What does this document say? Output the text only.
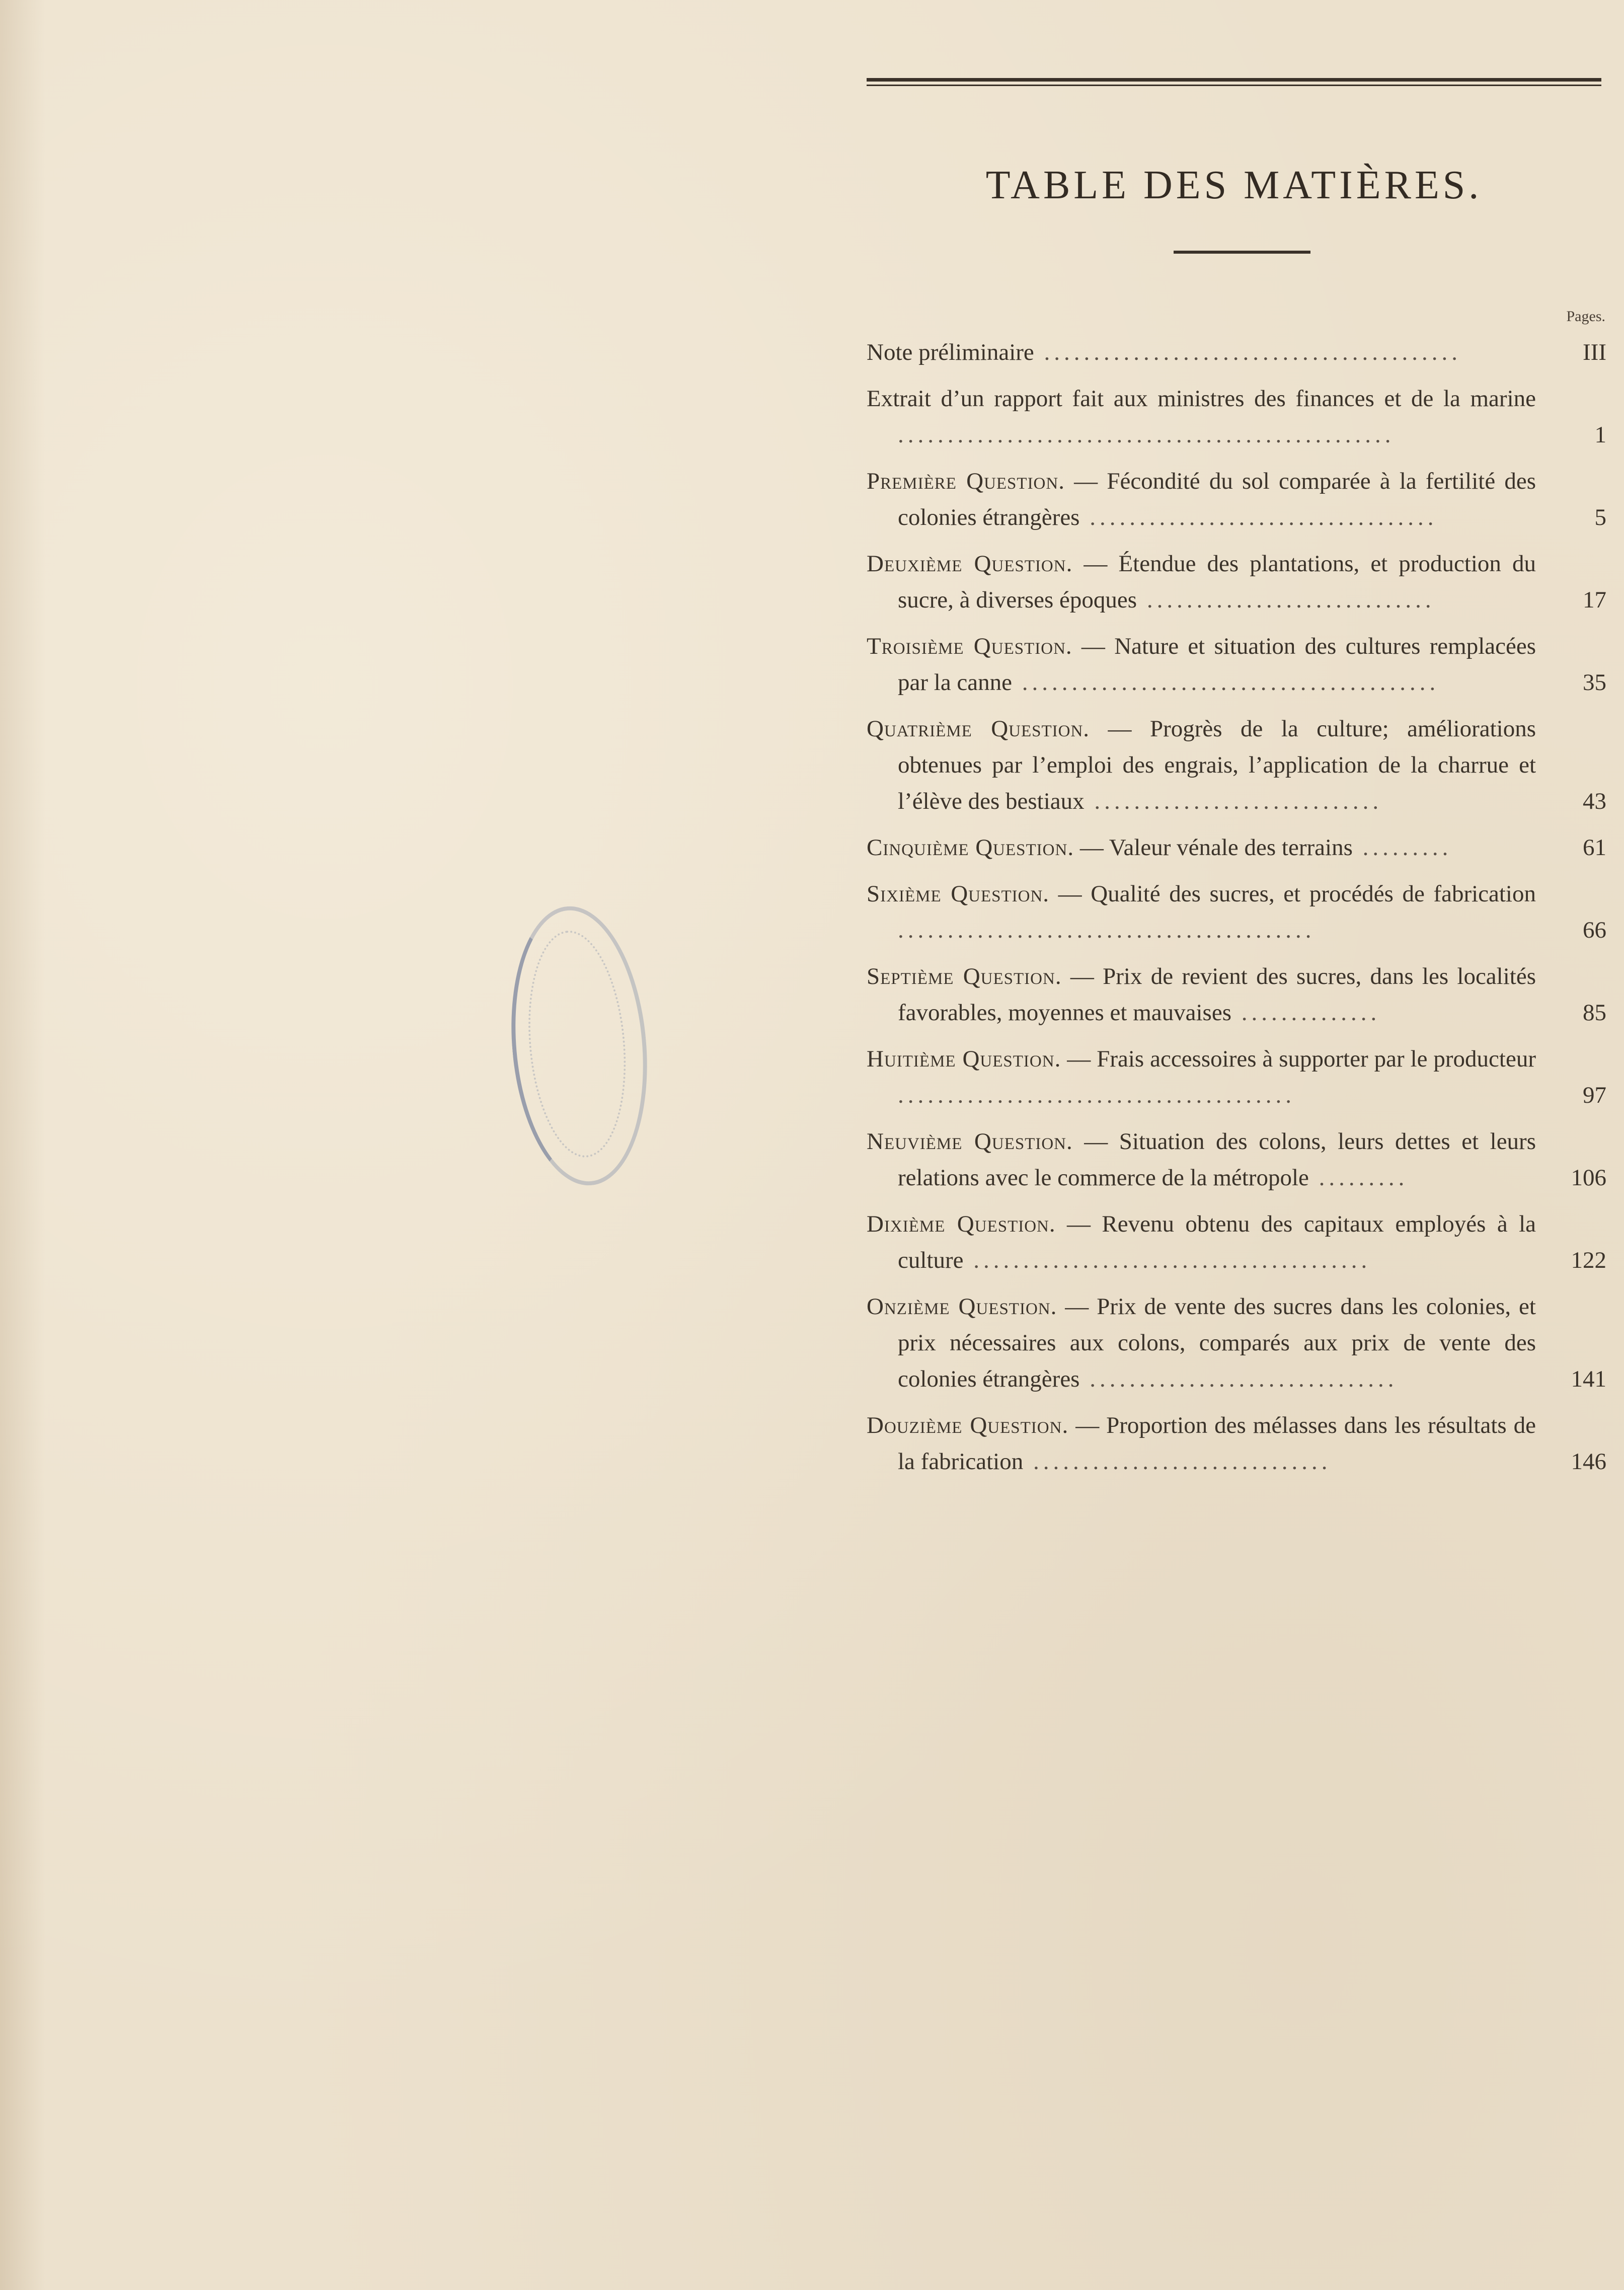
TABLE DES MATIÈRES.
Pages.
Note préliminaire ..........................................	III
Extrait d’un rapport fait aux ministres des finances et de la marine ..................................................	1
Première Question. — Fécondité du sol comparée à la fertilité des colonies étrangères ...................................	5
Deuxième Question. — Étendue des plantations, et production du sucre, à diverses époques .............................	17
Troisième Question. — Nature et situation des cultures remplacées par la canne ..........................................	35
Quatrième Question. — Progrès de la culture; améliorations obtenues par l’emploi des engrais, l’application de la charrue et l’élève des bestiaux .............................	43
Cinquième Question. — Valeur vénale des terrains .........	61
Sixième Question. — Qualité des sucres, et procédés de fabrication ..........................................	66
Septième Question. — Prix de revient des sucres, dans les localités favorables, moyennes et mauvaises ..............	85
Huitième Question. — Frais accessoires à supporter par le producteur ........................................	97
Neuvième Question. — Situation des colons, leurs dettes et leurs relations avec le commerce de la métropole .........	106
Dixième Question. — Revenu obtenu des capitaux employés à la culture ........................................	122
Onzième Question. — Prix de vente des sucres dans les colonies, et prix nécessaires aux colons, comparés aux prix de vente des colonies étrangères ...............................	141
Douzième Question. — Proportion des mélasses dans les résultats de la fabrication ..............................	146
